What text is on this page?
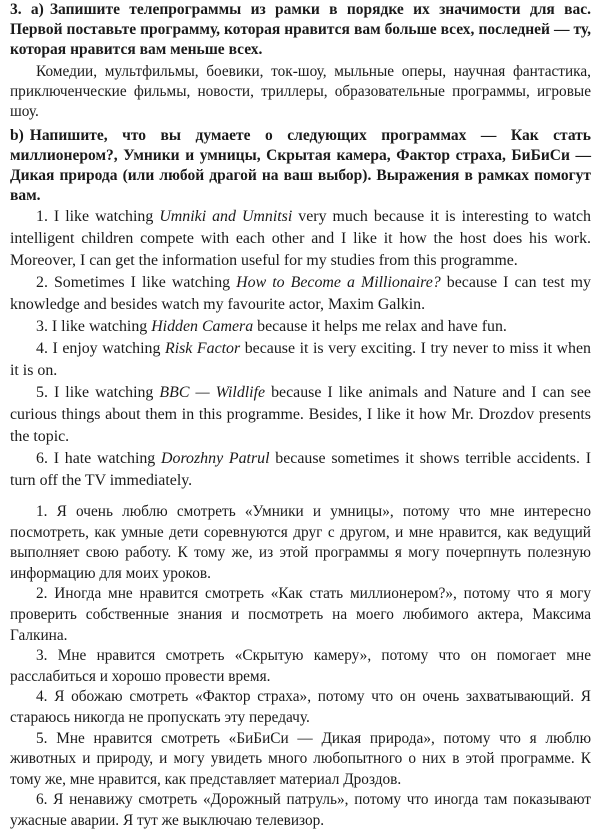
3. а) Запишите телепрограммы из рамки в порядке их значимости для вас. Первой поставьте программу, которая нравится вам больше всех, последней — ту, которая нравится вам меньше всех.

Комедии, мультфильмы, боевики, ток-шоу, мыльные оперы, научная фантастика, приключенческие фильмы, новости, триллеры, образовательные программы, игровые шоу.

b) Напишите, что вы думаете о следующих программах — Как стать миллионером?, Умники и умницы, Скрытая камера, Фактор страха, БиБиСи — Дикая природа (или любой драгой на ваш выбор). Выражения в рамках помогут вам.

1. I like watching Umniki and Umnitsi very much because it is interesting to watch intelligent children compete with each other and I like it how the host does his work. Moreover, I can get the information useful for my studies from this programme.

2. Sometimes I like watching How to Become a Millionaire? because I can test my knowledge and besides watch my favourite actor, Maxim Galkin.

3. I like watching Hidden Camera because it helps me relax and have fun.

4. I enjoy watching Risk Factor because it is very exciting. I try never to miss it when it is on.

5. I like watching BBC — Wildlife because I like animals and Nature and I can see curious things about them in this programme. Besides, I like it how Mr. Drozdov presents the topic.

6. I hate watching Dorozhny Patrul because sometimes it shows terrible accidents. I turn off the TV immediately.

1. Я очень люблю смотреть «Умники и умницы», потому что мне интересно посмотреть, как умные дети соревнуются друг с другом, и мне нравится, как ведущий выполняет свою работу. К тому же, из этой программы я могу почерпнуть полезную информацию для моих уроков.

2. Иногда мне нравится смотреть «Как стать миллионером?», потому что я могу проверить собственные знания и посмотреть на моего любимого актера, Максима Галкина.

3. Мне нравится смотреть «Скрытую камеру», потому что он помогает мне расслабиться и хорошо провести время.

4. Я обожаю смотреть «Фактор страха», потому что он очень захватывающий. Я стараюсь никогда не пропускать эту передачу.

5. Мне нравится смотреть «БиБиСи — Дикая природа», потому что я люблю животных и природу, и могу увидеть много любопытного о них в этой программе. К тому же, мне нравится, как представляет материал Дроздов.

6. Я ненавижу смотреть «Дорожный патруль», потому что иногда там показывают ужасные аварии. Я тут же выключаю телевизор.
